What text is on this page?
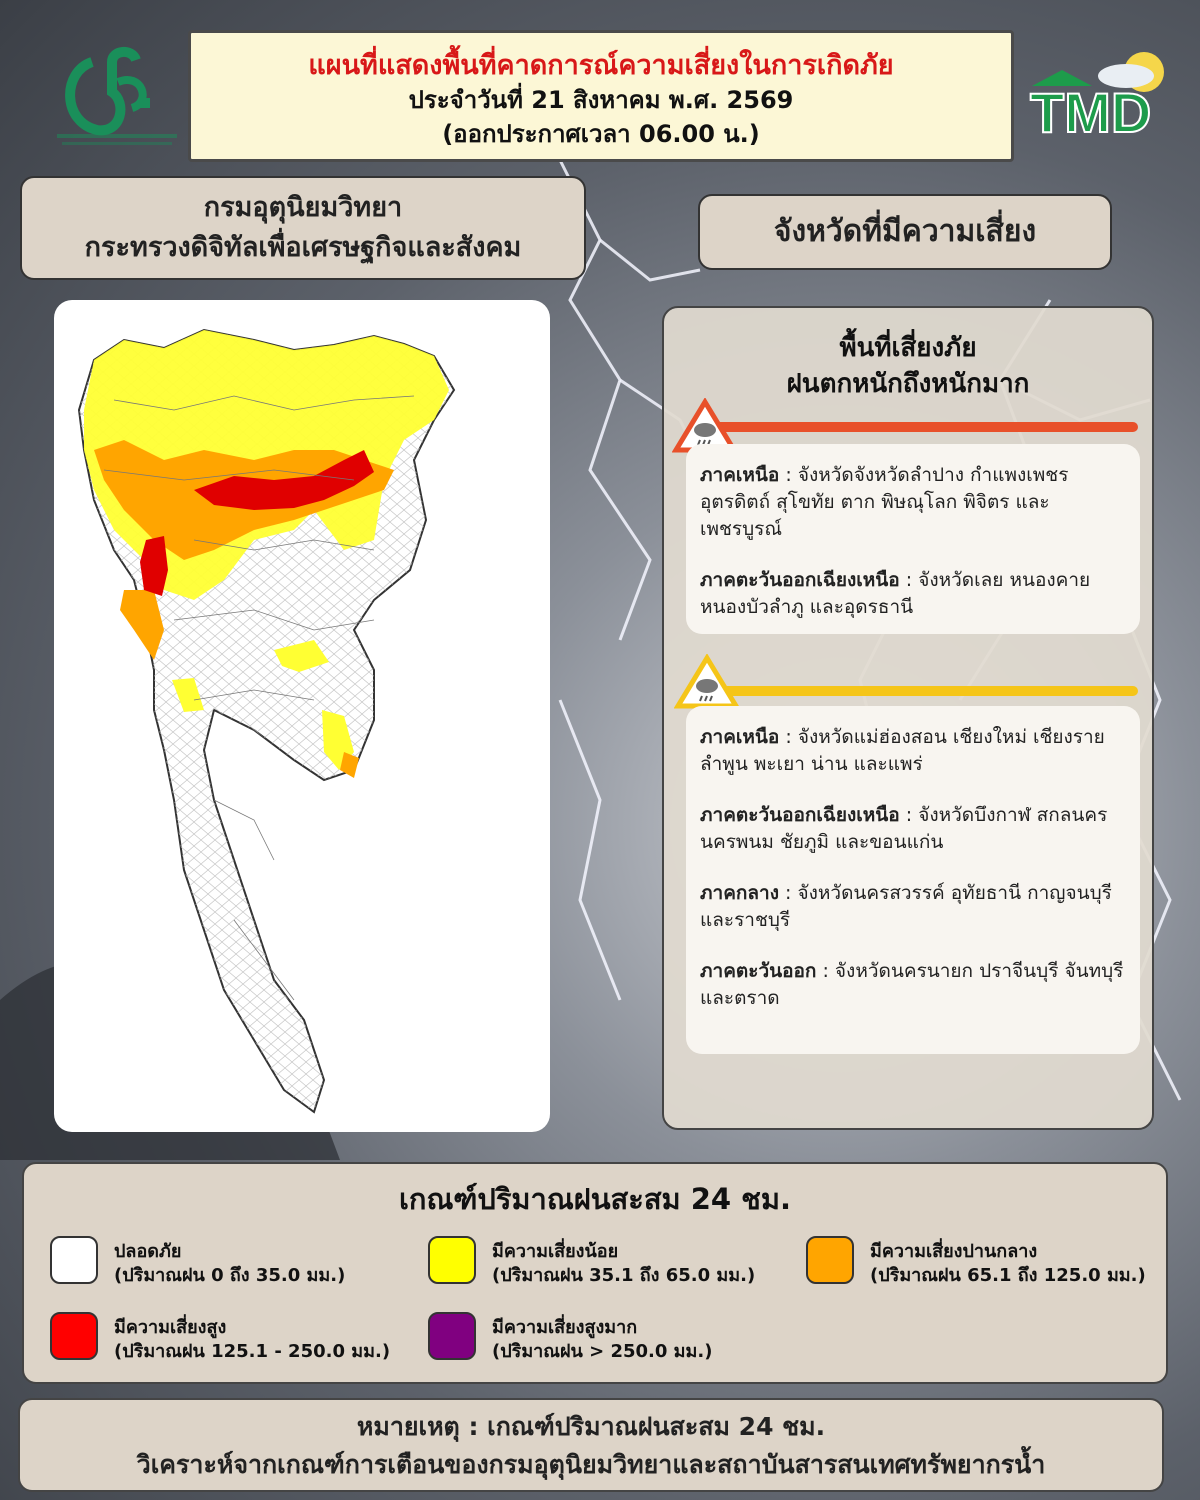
แผนที่แสดงพื้นที่คาดการณ์ความเสี่ยงในการเกิดภัย
ประจำวันที่ 21 สิงหาคม พ.ศ. 2569
(ออกประกาศเวลา 06.00 น.)	TMD
กรมอุตุนิยมวิทยา
กระทรวงดิจิทัลเพื่อเศรษฐกิจและสังคม	จังหวัดที่มีความเสี่ยง
พื้นที่เสี่ยงภัย
ฝนตกหนักถึงหนักมาก

ภาคเหนือ : จังหวัดจังหวัดลำปาง กำแพงเพชร อุตรดิตถ์ สุโขทัย ตาก พิษณุโลก พิจิตร และเพชรบูรณ์

ภาคตะวันออกเฉียงเหนือ : จังหวัดเลย หนองคาย หนองบัวลำภู และอุดรธานี

ภาคเหนือ : จังหวัดแม่ฮ่องสอน เชียงใหม่ เชียงราย ลำพูน พะเยา น่าน และแพร่

ภาคตะวันออกเฉียงเหนือ : จังหวัดบึงกาฬ สกลนคร นครพนม ชัยภูมิ และขอนแก่น

ภาคกลาง : จังหวัดนครสวรรค์ อุทัยธานี กาญจนบุรี และราชบุรี

ภาคตะวันออก : จังหวัดนครนายก ปราจีนบุรี จันทบุรี และตราด

เกณฑ์ปริมาณฝนสะสม 24 ชม.
ปลอดภัย
(ปริมาณฝน 0 ถึง 35.0 มม.)
มีความเสี่ยงน้อย
(ปริมาณฝน 35.1 ถึง 65.0 มม.)
มีความเสี่ยงปานกลาง
(ปริมาณฝน 65.1 ถึง 125.0 มม.)
มีความเสี่ยงสูง
(ปริมาณฝน 125.1 - 250.0 มม.)
มีความเสี่ยงสูงมาก
(ปริมาณฝน > 250.0 มม.)
หมายเหตุ : เกณฑ์ปริมาณฝนสะสม 24 ชม.
วิเคราะห์จากเกณฑ์การเตือนของกรมอุตุนิยมวิทยาและสถาบันสารสนเทศทรัพยากรน้ำ
